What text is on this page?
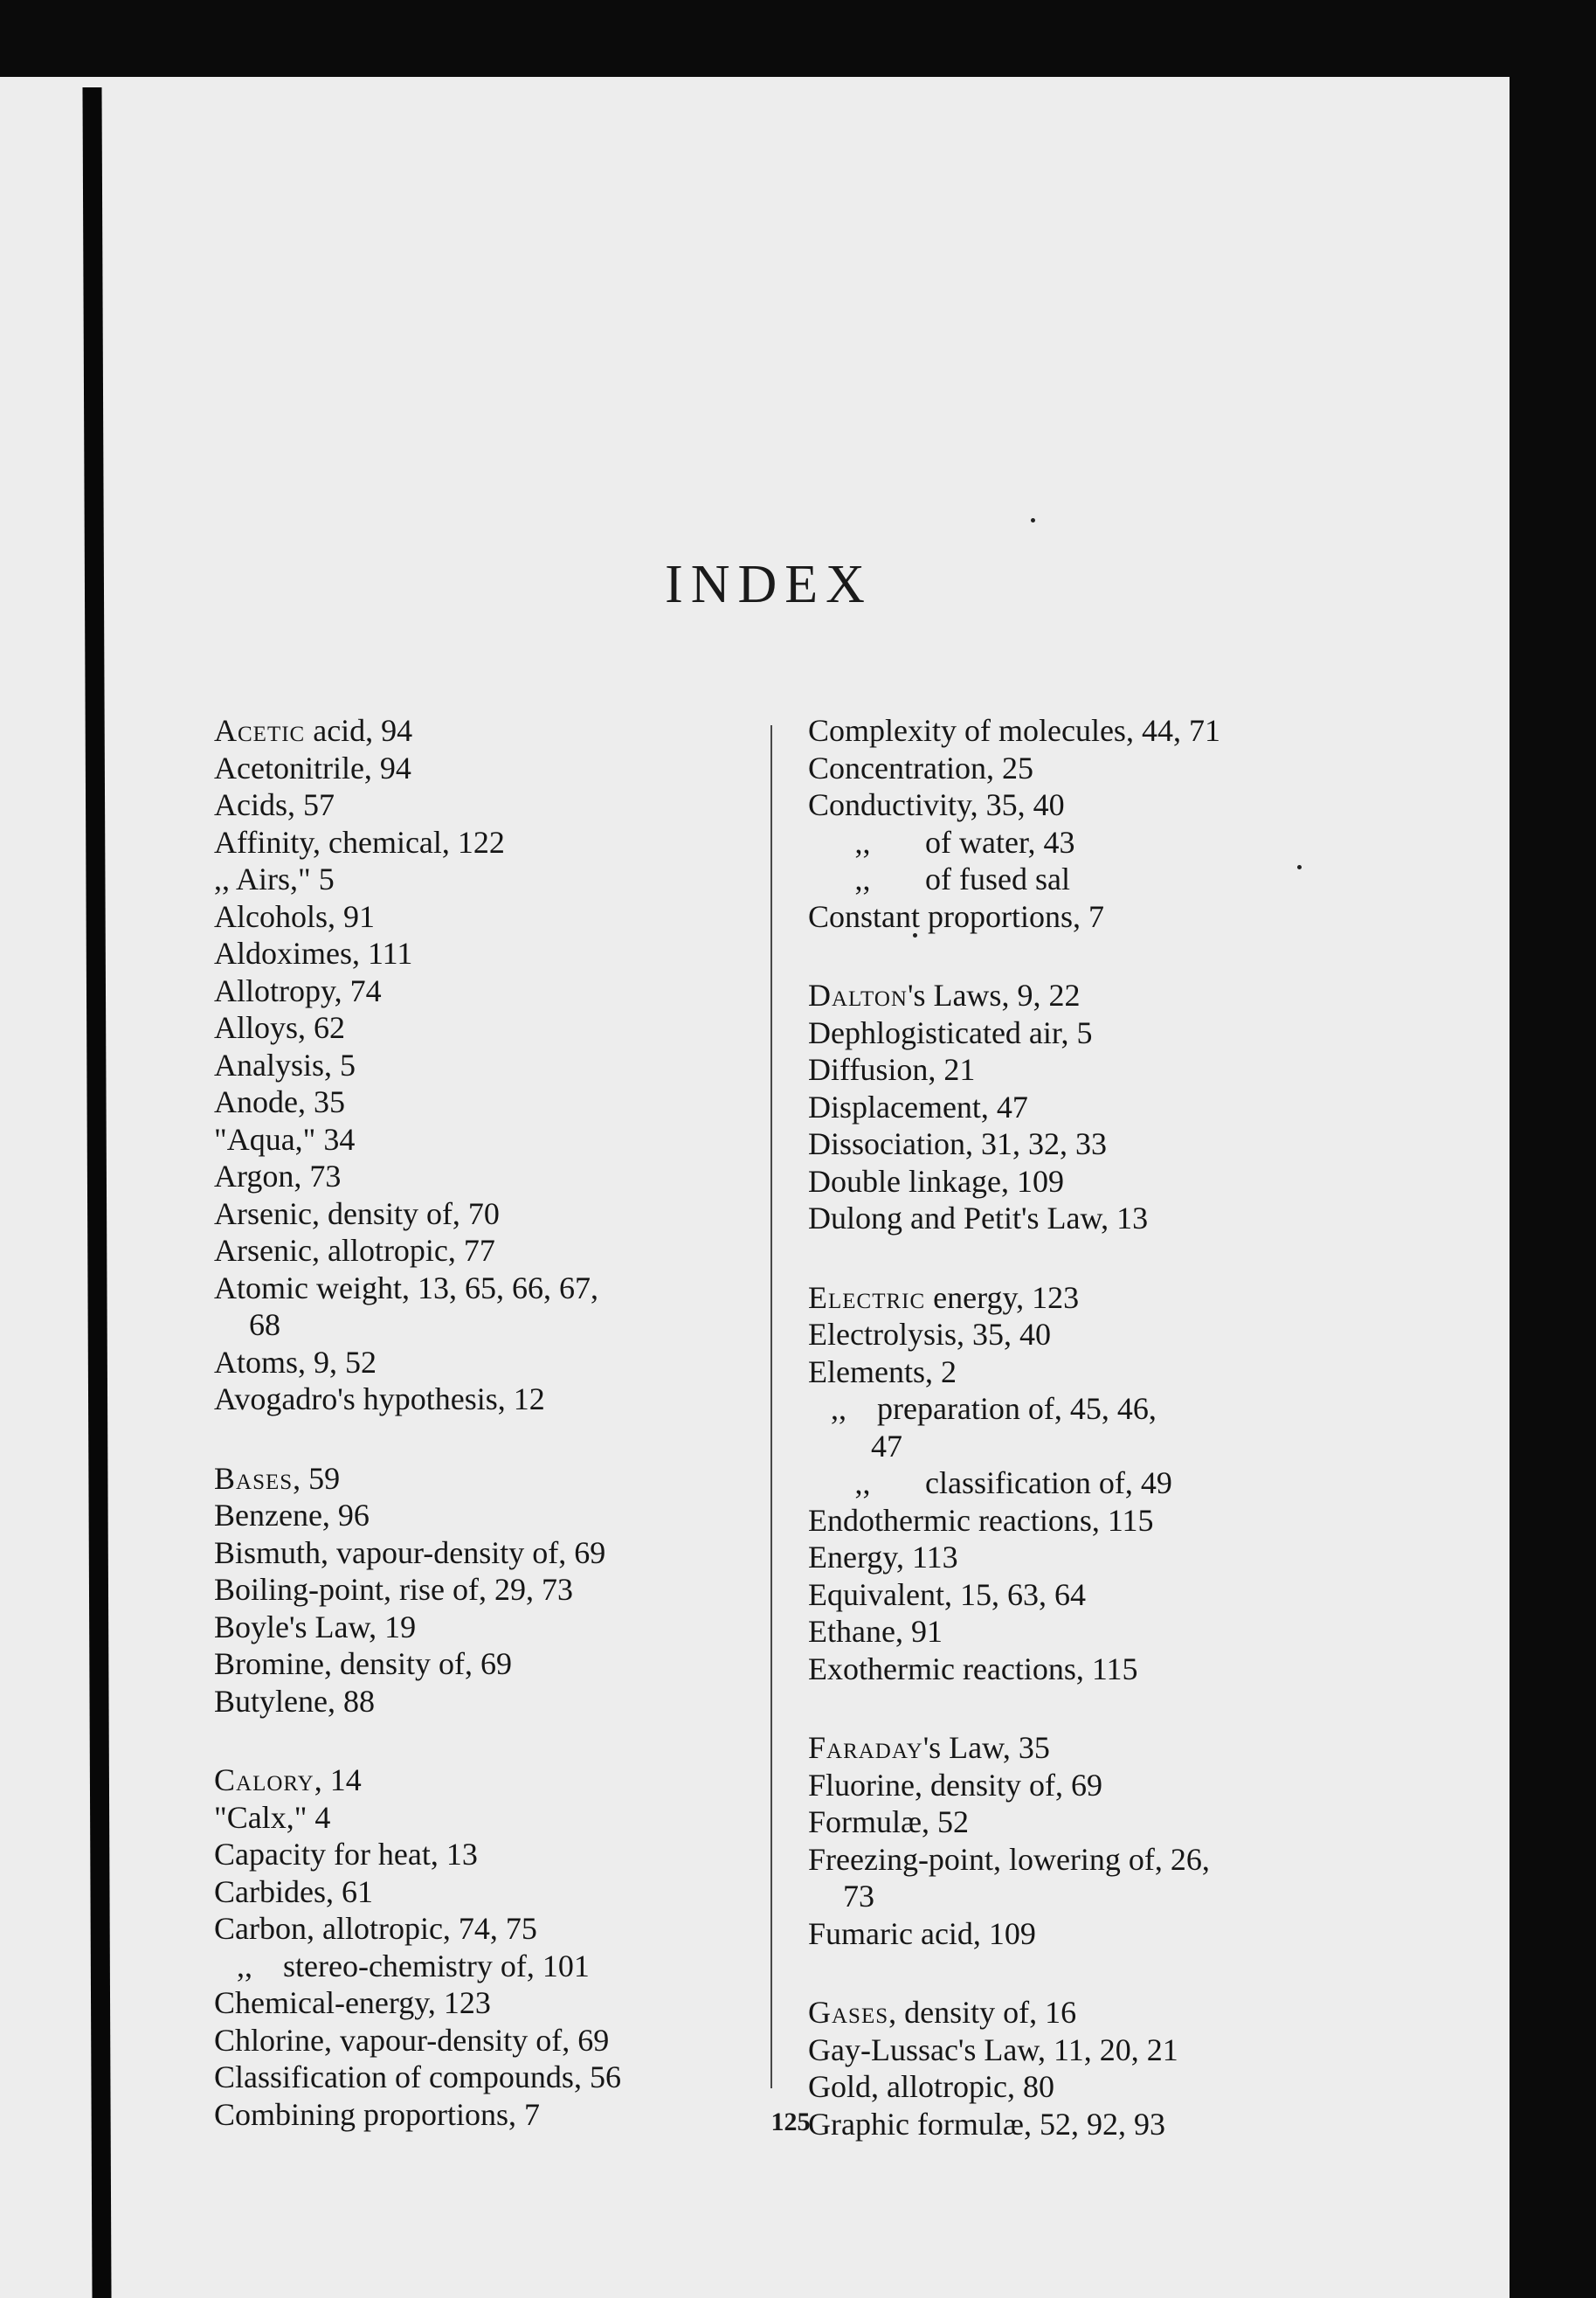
INDEX
Acetic acid, 94
Acetonitrile, 94
Acids, 57
Affinity, chemical, 122
,, Airs," 5
Alcohols, 91
Aldoximes, 111
Allotropy, 74
Alloys, 62
Analysis, 5
Anode, 35
"Aqua," 34
Argon, 73
Arsenic, density of, 70
Arsenic, allotropic, 77
Atomic weight, 13, 65, 66, 67,
68
Atoms, 9, 52
Avogadro's hypothesis, 12
Bases, 59
Benzene, 96
Bismuth, vapour-density of, 69
Boiling-point, rise of, 29, 73
Boyle's Law, 19
Bromine, density of, 69
Butylene, 88
Calory, 14
"Calx," 4
Capacity for heat, 13
Carbides, 61
Carbon, allotropic, 74, 75
,, stereo-chemistry of, 101
Chemical-energy, 123
Chlorine, vapour-density of, 69
Classification of compounds, 56
Combining proportions, 7
Complexity of molecules, 44, 71
Concentration, 25
Conductivity, 35, 40
,, of water, 43
,, of fused sal
Constant proportions, 7
Dalton's Laws, 9, 22
Dephlogisticated air, 5
Diffusion, 21
Displacement, 47
Dissociation, 31, 32, 33
Double linkage, 109
Dulong and Petit's Law, 13
Electric energy, 123
Electrolysis, 35, 40
Elements, 2
,, preparation of, 45, 46,
47
,, classification of, 49
Endothermic reactions, 115
Energy, 113
Equivalent, 15, 63, 64
Ethane, 91
Exothermic reactions, 115
Faraday's Law, 35
Fluorine, density of, 69
Formulæ, 52
Freezing-point, lowering of, 26,
73
Fumaric acid, 109
Gases, density of, 16
Gay-Lussac's Law, 11, 20, 21
Gold, allotropic, 80
Graphic formulæ, 52, 92, 93
125
